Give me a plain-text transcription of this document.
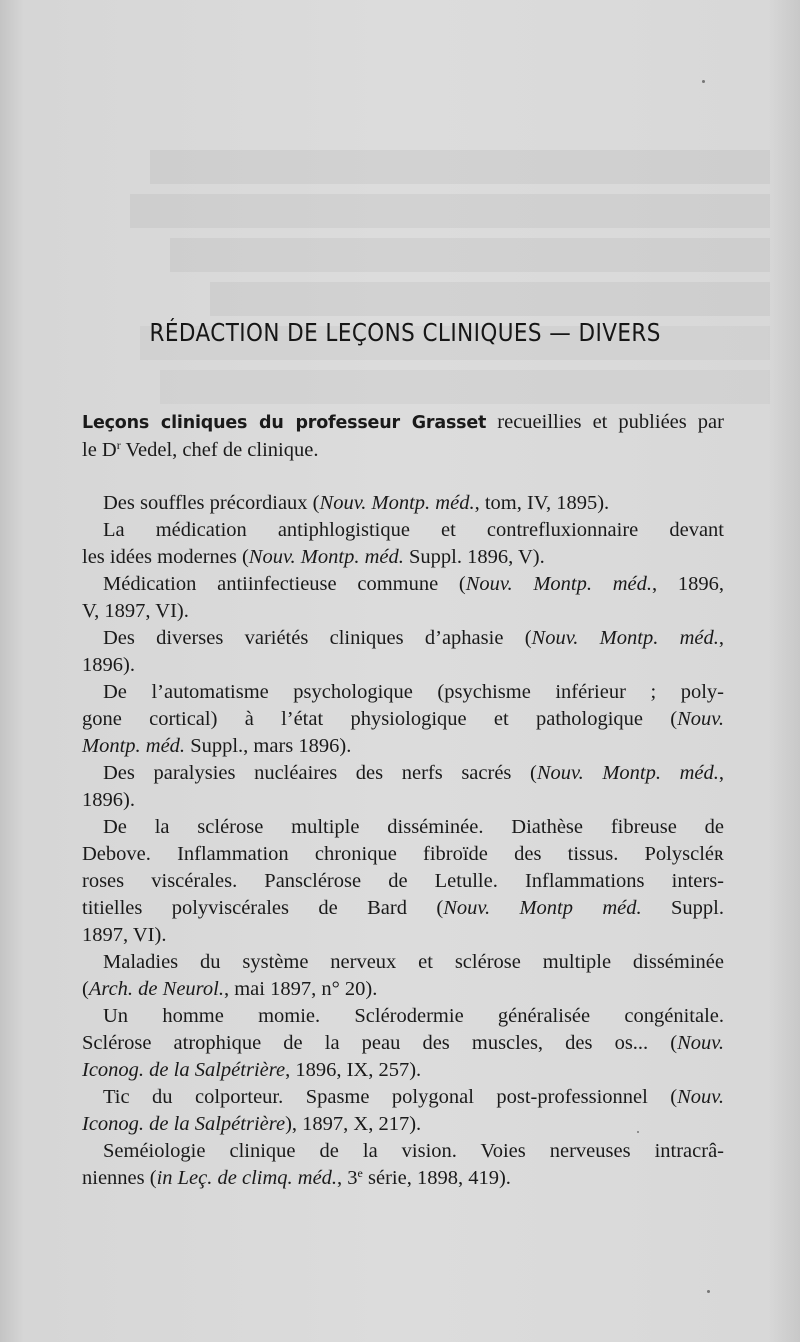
RÉDACTION DE LEÇONS CLINIQUES — DIVERS
Leçons cliniques du professeur Grasset recueillies et publiées par
le $D^r$ Vedel, chef de clinique.
Des souffles précordiaux (Nouv. Montp. méd., tom, IV, 1895).
La médication antiphlogistique et contrefluxionnaire devant
les idées modernes (Nouv. Montp. méd. Suppl. 1896, V).
Médication antiinfectieuse commune (Nouv. Montp. méd., 1896,
V, 1897, VI).
Des diverses variétés cliniques d’aphasie (Nouv. Montp. méd.,
1896).
De l’automatisme psychologique (psychisme inférieur ; poly-
gone cortical) à l’état physiologique et pathologique (Nouv.
Montp. méd. Suppl., mars 1896).
Des paralysies nucléaires des nerfs sacrés (Nouv. Montp. méd.,
1896).
De la sclérose multiple disséminée. Diathèse fibreuse de
Debove. Inflammation chronique fibroïde des tissus. Polyscléʀ
roses viscérales. Pansclérose de Letulle. Inflammations inters-
titielles polyviscérales de Bard (Nouv. Montp méd. Suppl.
1897, VI).
Maladies du système nerveux et sclérose multiple disséminée
(Arch. de Neurol., mai 1897, n° 20).
Un homme momie. Sclérodermie généralisée congénitale.
Sclérose atrophique de la peau des muscles, des os... (Nouv.
Iconog. de la Salpétrière, 1896, IX, 257).
Tic du colporteur. Spasme polygonal post-professionnel (Nouv.
Iconog. de la Salpétrière), 1897, X, 217).
Seméiologie clinique de la vision. Voies nerveuses intracrâ-
niennes (in Leç. de climq. méd., 3e série, 1898, 419).
